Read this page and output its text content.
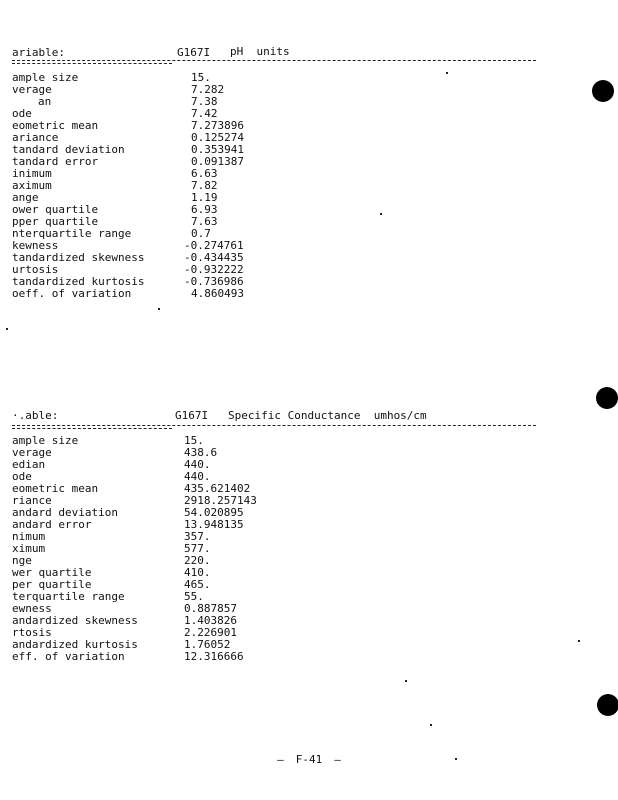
ariable:	G167I pH  units
ample size	15.
verage	7.282
an	7.38
ode	7.42
eometric mean	7.273896
ariance	0.125274
tandard deviation	0.353941
tandard error	0.091387
inimum	6.63
aximum	7.82
ange	1.19
ower quartile	6.93
pper quartile	7.63
nterquartile range	0.7
kewness	-0.274761
tandardized skewness	-0.434435
urtosis	-0.932222
tandardized kurtosis	-0.736986
oeff. of variation	4.860493
·.able:	G167I Specific Conductance  umhos/cm
ample size	15.
verage	438.6
edian	440.
ode	440.
eometric mean	435.621402
riance	2918.257143
andard deviation	54.020895
andard error	13.948135
nimum	357.
ximum	577.
nge	220.
wer quartile	410.
per quartile	465.
terquartile range	55.
ewness	0.887857
andardized skewness	1.403826
rtosis	2.226901
andardized kurtosis	1.76052
eff. of variation	12.316666
– F-41 –
